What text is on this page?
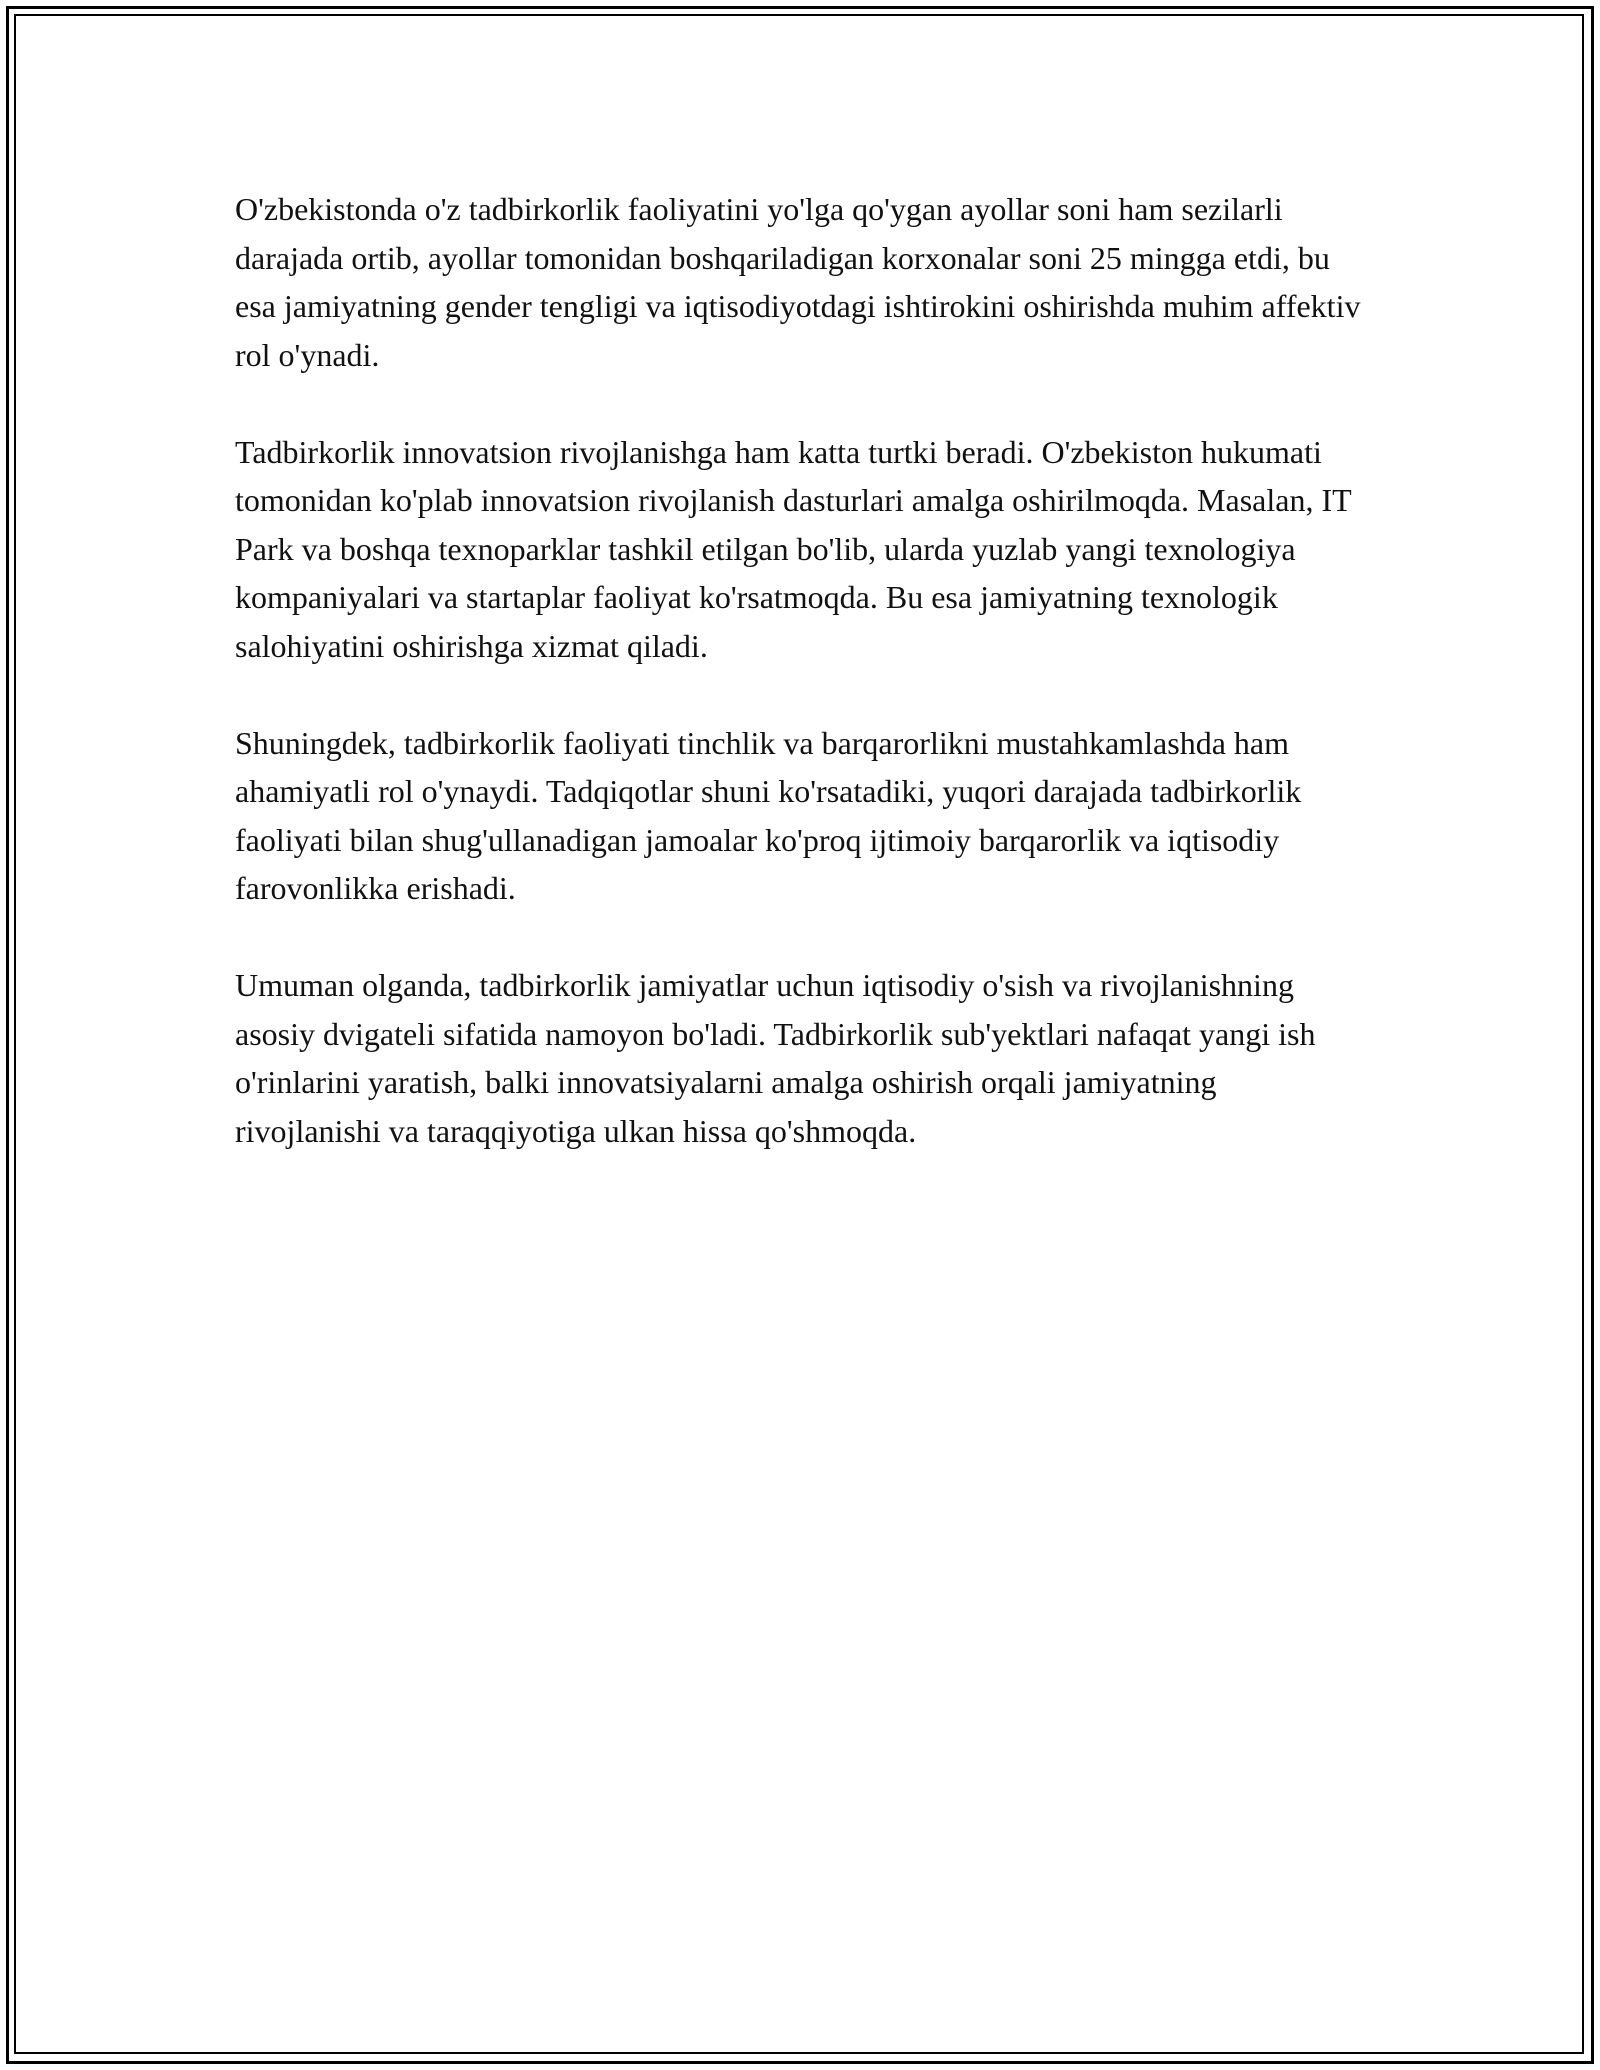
O'zbekistonda o'z tadbirkorlik faoliyatini yo'lga qo'ygan ayollar soni ham sezilarli darajada ortib, ayollar tomonidan boshqariladigan korxonalar soni 25 mingga etdi, bu esa jamiyatning gender tengligi va iqtisodiyotdagi ishtirokini oshirishda muhim affektiv rol o'ynadi.

Tadbirkorlik innovatsion rivojlanishga ham katta turtki beradi. O'zbekiston hukumati tomonidan ko'plab innovatsion rivojlanish dasturlari amalga oshirilmoqda. Masalan, IT Park va boshqa texnoparklar tashkil etilgan bo'lib, ularda yuzlab yangi texnologiya kompaniyalari va startaplar faoliyat ko'rsatmoqda. Bu esa jamiyatning texnologik salohiyatini oshirishga xizmat qiladi.

Shuningdek, tadbirkorlik faoliyati tinchlik va barqarorlikni mustahkamlashda ham ahamiyatli rol o'ynaydi. Tadqiqotlar shuni ko'rsatadiki, yuqori darajada tadbirkorlik faoliyati bilan shug'ullanadigan jamoalar ko'proq ijtimoiy barqarorlik va iqtisodiy farovonlikka erishadi.

Umuman olganda, tadbirkorlik jamiyatlar uchun iqtisodiy o'sish va rivojlanishning asosiy dvigateli sifatida namoyon bo'ladi. Tadbirkorlik sub'yektlari nafaqat yangi ish o'rinlarini yaratish, balki innovatsiyalarni amalga oshirish orqali jamiyatning rivojlanishi va taraqqiyotiga ulkan hissa qo'shmoqda.
